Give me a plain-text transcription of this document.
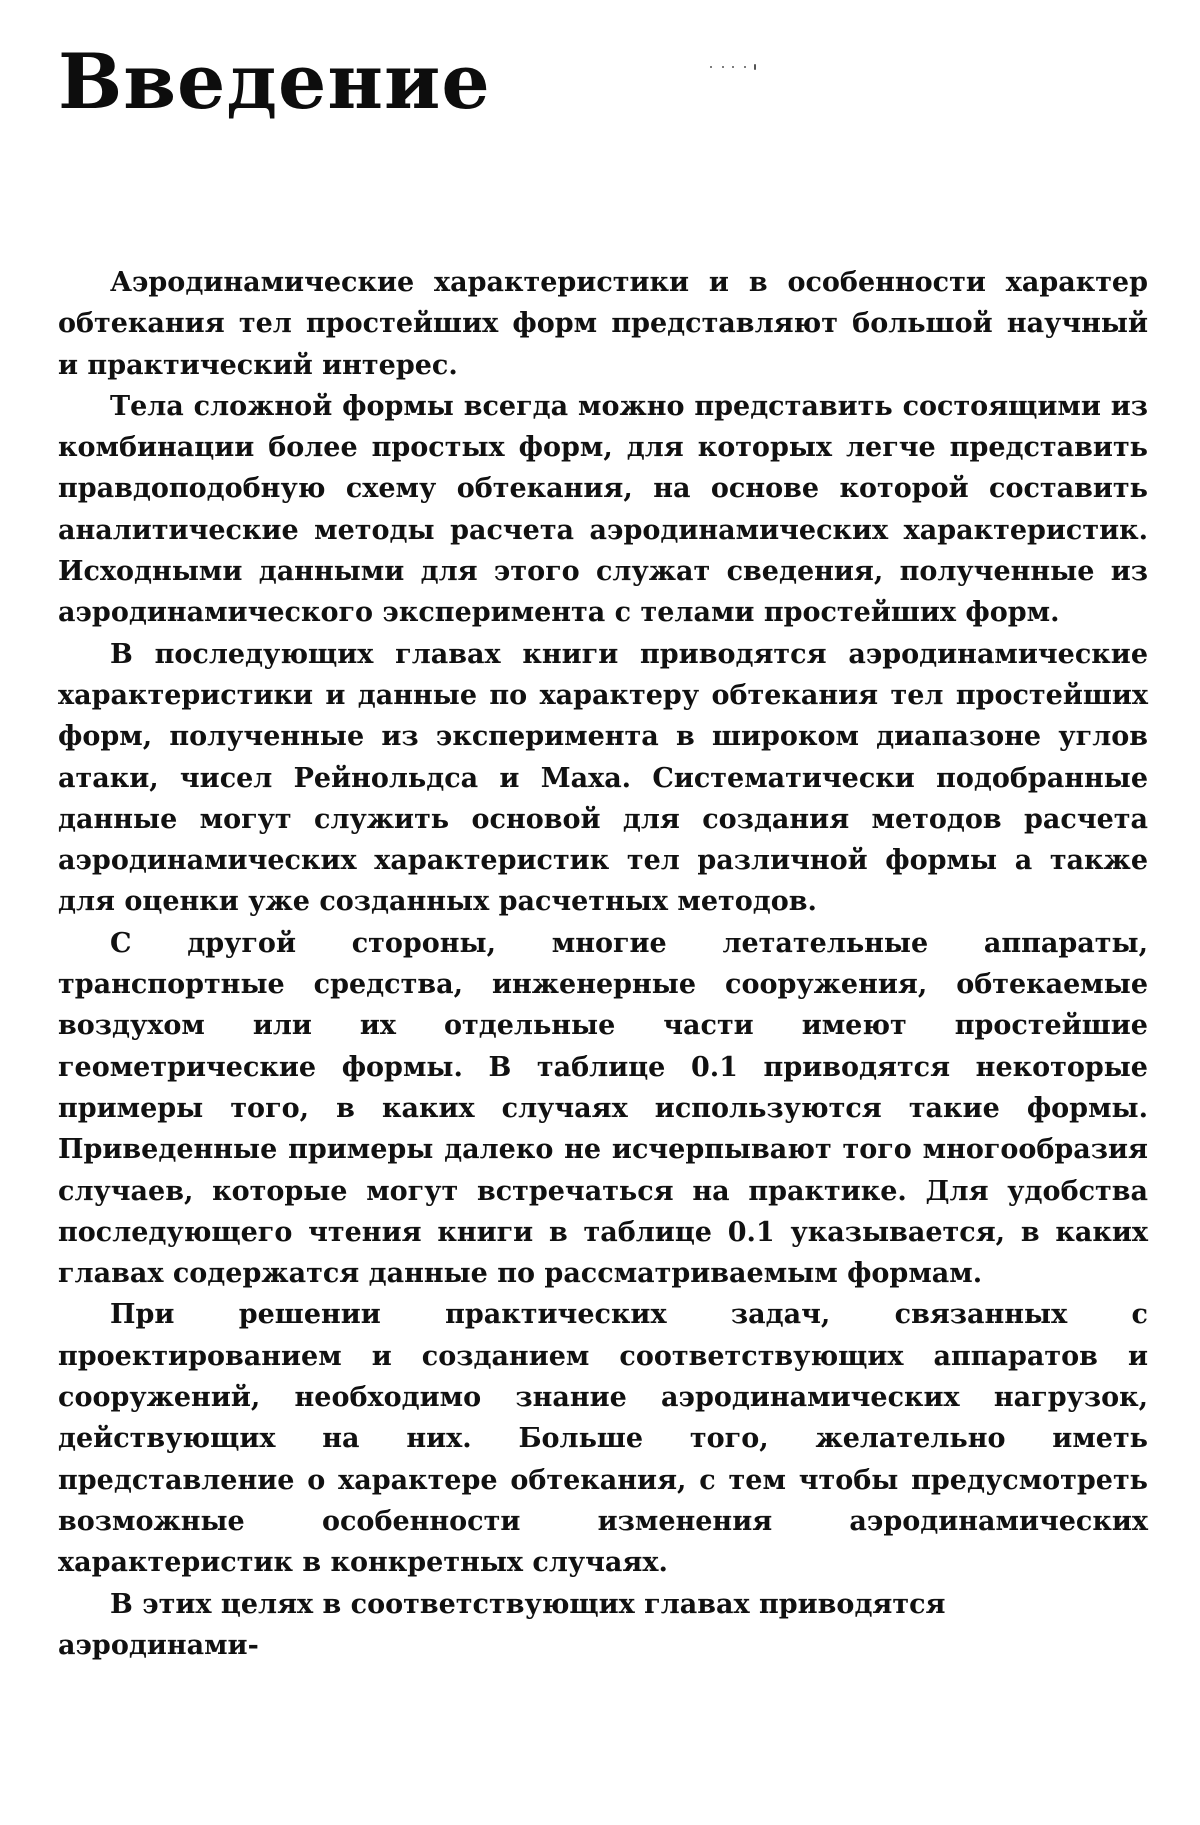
Введение

Аэродинамические характеристики и в особенности характер обтекания тел простейших форм представляют большой научный и практический интерес.

Тела сложной формы всегда можно представить состоящими из комбинации более простых форм, для которых легче представить правдоподобную схему обтекания, на основе которой составить аналитические методы расчета аэродинамических характеристик. Исходными данными для этого служат сведения, полученные из аэродинамического эксперимента с телами простейших форм.

В последующих главах книги приводятся аэродинамические характеристики и данные по характеру обтекания тел простейших форм, полученные из эксперимента в широком диапазоне углов атаки, чисел Рейнольдса и Маха. Систематически подобранные данные могут служить основой для создания методов расчета аэродинамических характеристик тел различной формы а также для оценки уже созданных расчетных методов.

С другой стороны, многие летательные аппараты, транспортные средства, инженерные сооружения, обтекаемые воздухом или их отдельные части имеют простейшие геометрические формы. В таблице 0.1 приводятся некоторые примеры того, в каких случаях используются такие формы. Приведенные примеры далеко не исчерпывают того многообразия случаев, которые могут встречаться на практике. Для удобства последующего чтения книги в таблице 0.1 указывается, в каких главах содержатся данные по рассматриваемым формам.

При решении практических задач, связанных с проектированием и созданием соответствующих аппаратов и сооружений, необходимо знание аэродинамических нагрузок, действующих на них. Больше того, желательно иметь представление о характере обтекания, с тем чтобы предусмотреть возможные особенности изменения аэродинамических характеристик в конкретных случаях.

В этих целях в соответствующих главах приводятся аэродинами-
